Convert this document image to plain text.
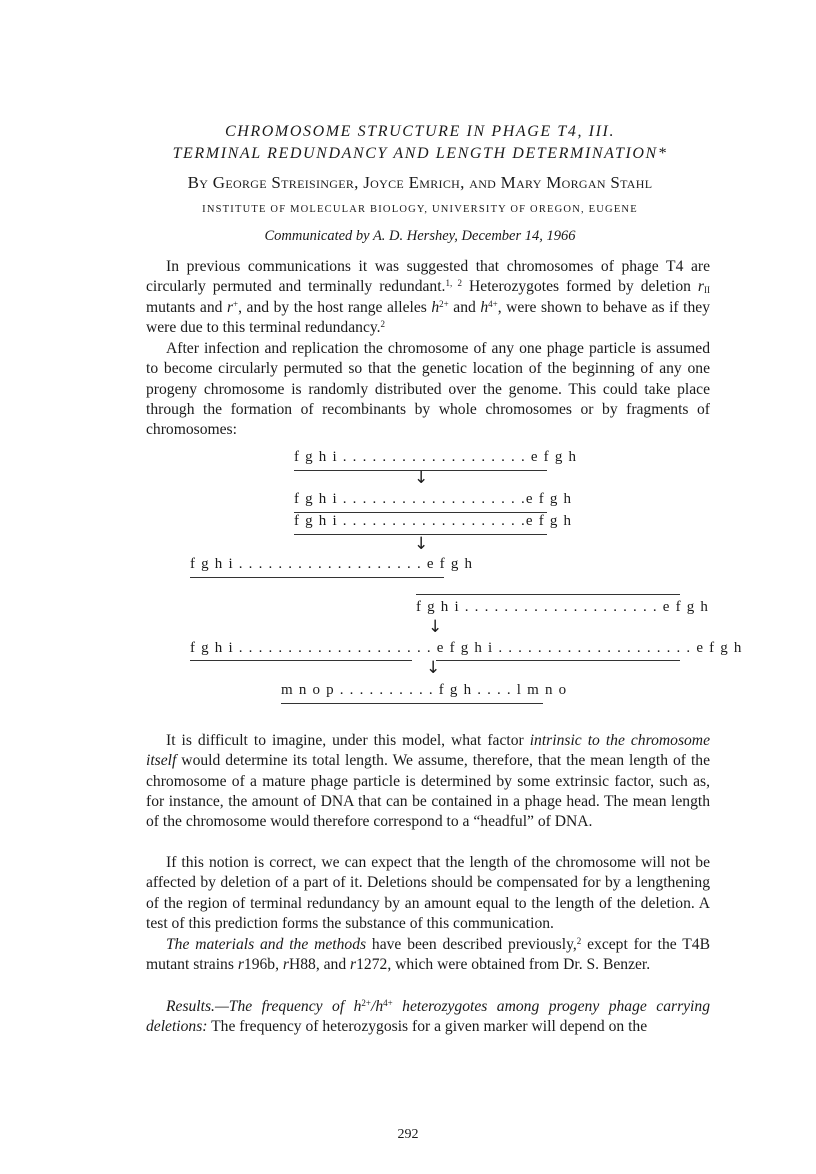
CHROMOSOME STRUCTURE IN PHAGE T4, III.
TERMINAL REDUNDANCY AND LENGTH DETERMINATION*
By George Streisinger, Joyce Emrich, and Mary Morgan Stahl
INSTITUTE OF MOLECULAR BIOLOGY, UNIVERSITY OF OREGON, EUGENE
Communicated by A. D. Hershey, December 14, 1966
In previous communications it was suggested that chromosomes of phage T4 are circularly permuted and terminally redundant.$^{1, 2}$ Heterozygotes formed by deletion $r_{II}$ mutants and r+, and by the host range alleles $h^{2+}$ and $h^{4+}$, were shown to behave as if they were due to this terminal redundancy.$^2$
After infection and replication the chromosome of any one phage particle is assumed to become circularly permuted so that the genetic location of the beginning of any one progeny chromosome is randomly distributed over the genome. This could take place through the formation of recombinants by whole chromosomes or by fragments of chromosomes:
f g h i . . . . . . . . . . . . . . . . . . . e f g h
↓
f g h i . . . . . . . . . . . . . . . . . . .e f g h
f g h i . . . . . . . . . . . . . . . . . . .e f g h
↓
f g h i . . . . . . . . . . . . . . . . . . . e f g h
f g h i . . . . . . . . . . . . . . . . . . . . e f g h
↓
f g h i . . . . . . . . . . . . . . . . . . . . e f g h i . . . . . . . . . . . . . . . . . . . . e f g h
↓
m n o p . . . . . . . . . . f g h . . . . l m n o
It is difficult to imagine, under this model, what factor intrinsic to the chromosome itself would determine its total length. We assume, therefore, that the mean length of the chromosome of a mature phage particle is determined by some extrinsic factor, such as, for instance, the amount of DNA that can be contained in a phage head. The mean length of the chromosome would therefore correspond to a “headful” of DNA.
If this notion is correct, we can expect that the length of the chromosome will not be affected by deletion of a part of it. Deletions should be compensated for by a lengthening of the region of terminal redundancy by an amount equal to the length of the deletion. A test of this prediction forms the substance of this communication.
The materials and the methods have been described previously,$^2$ except for the T4B mutant strains r196b, rH88, and r1272, which were obtained from Dr. S. Benzer.
Results.—The frequency of $h^{2+}/h^{4+}$ heterozygotes among progeny phage carrying deletions: The frequency of heterozygosis for a given marker will depend on the
292
